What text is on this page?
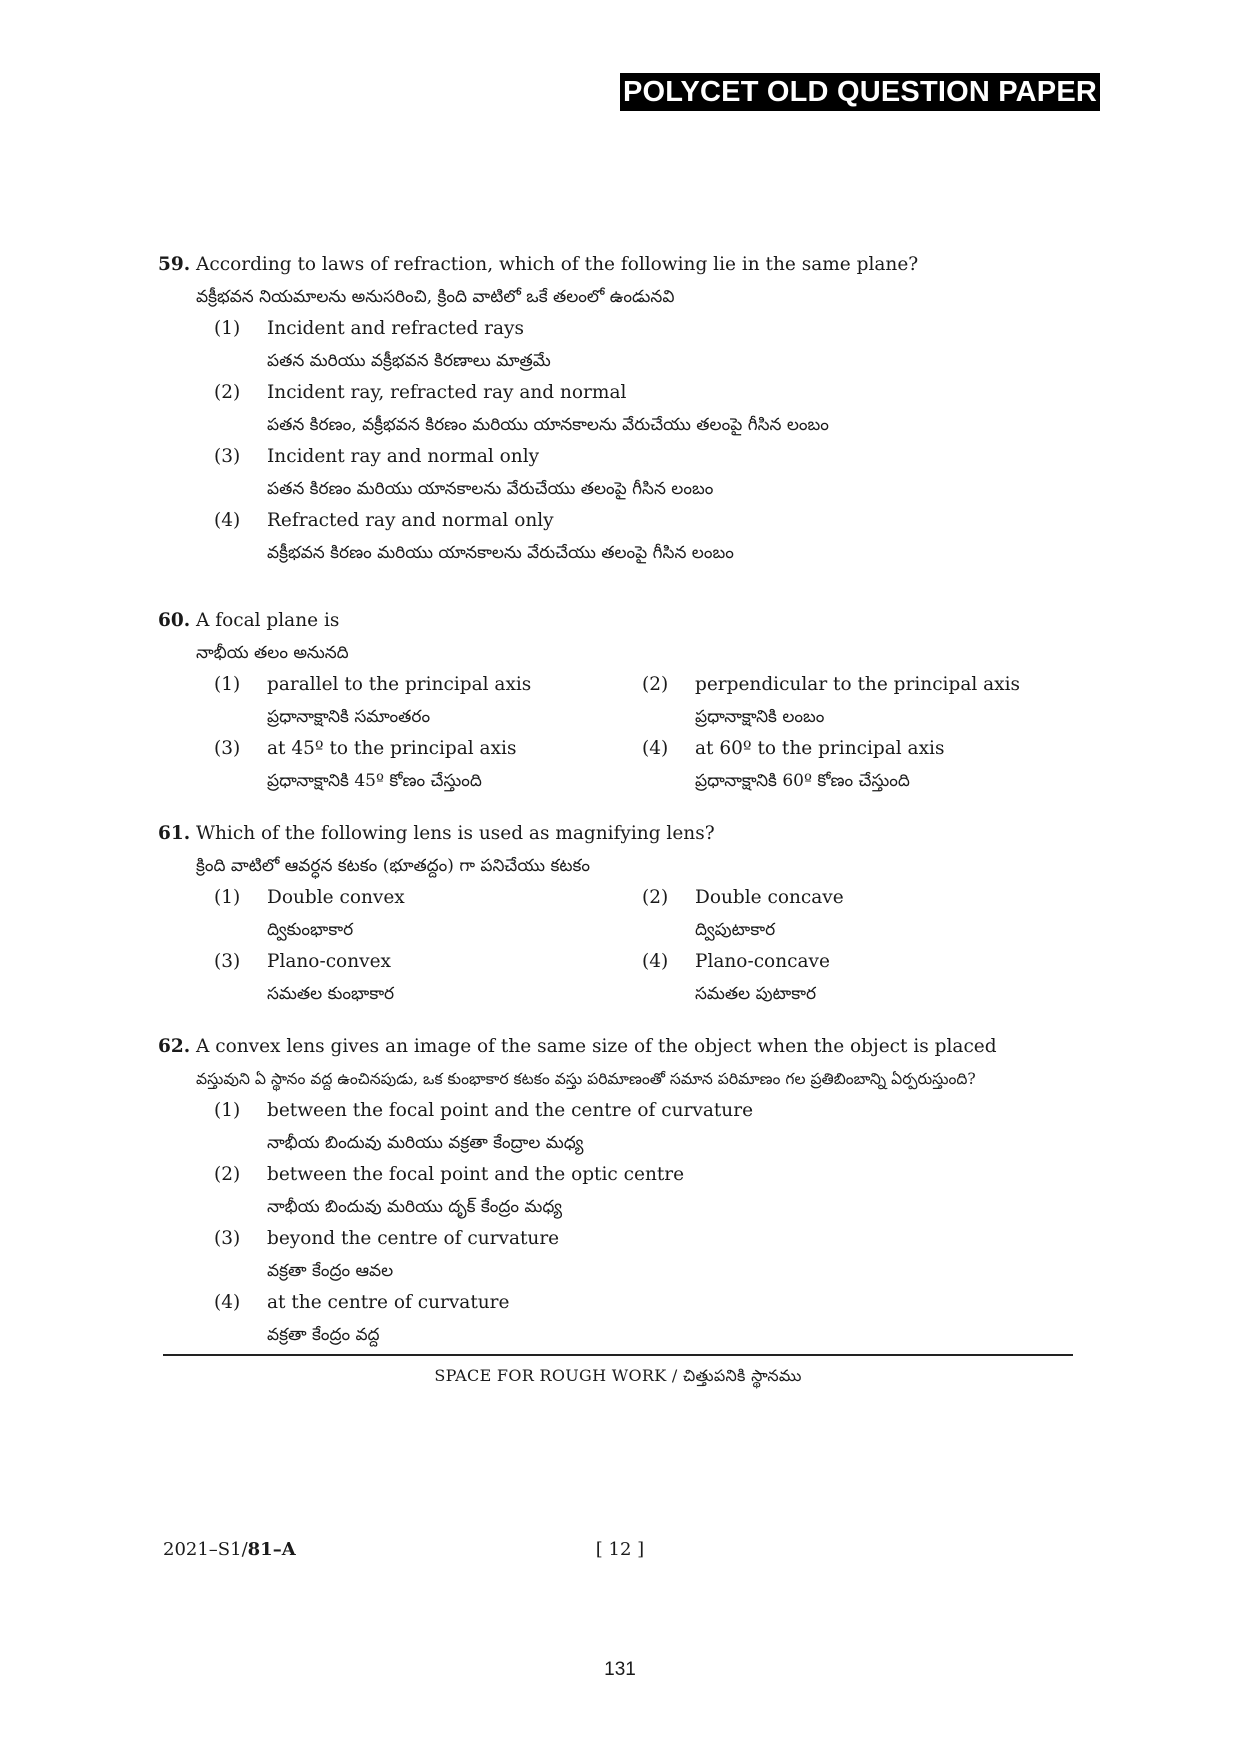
POLYCET OLD QUESTION PAPER
59. According to laws of refraction, which of the following lie in the same plane?
వక్రీభవన నియమాలను అనుసరించి, క్రింది వాటిలో ఒకే తలంలో ఉండునవి
(1)	Incident and refracted rays
పతన మరియు వక్రీభవన కిరణాలు మాత్రమే
(2)	Incident ray, refracted ray and normal
పతన కిరణం, వక్రీభవన కిరణం మరియు యానకాలను వేరుచేయు తలంపై గీసిన లంబం
(3)	Incident ray and normal only
పతన కిరణం మరియు యానకాలను వేరుచేయు తలంపై గీసిన లంబం
(4)	Refracted ray and normal only
వక్రీభవన కిరణం మరియు యానకాలను వేరుచేయు తలంపై గీసిన లంబం
60. A focal plane is
నాభీయ తలం అనునది
(1)	parallel to the principal axis
ప్రధానాక్షానికి సమాంతరం
(2)	perpendicular to the principal axis
ప్రధానాక్షానికి లంబం
(3)	at 45º to the principal axis
ప్రధానాక్షానికి 45º కోణం చేస్తుంది
(4)	at 60º to the principal axis
ప్రధానాక్షానికి 60º కోణం చేస్తుంది
61. Which of the following lens is used as magnifying lens?
క్రింది వాటిలో ఆవర్ధన కటకం (భూతద్దం) గా పనిచేయు కటకం
(1)	Double convex
ద్వికుంభాకార
(2)	Double concave
ద్విపుటాకార
(3)	Plano-convex
సమతల కుంభాకార
(4)	Plano-concave
సమతల పుటాకార
62. A convex lens gives an image of the same size of the object when the object is placed
వస్తువుని ఏ స్థానం వద్ద ఉంచినపుడు, ఒక కుంభాకార కటకం వస్తు పరిమాణంతో సమాన పరిమాణం గల ప్రతిబింబాన్ని ఏర్పరుస్తుంది?
(1)	between the focal point and the centre of curvature
నాభీయ బిందువు మరియు వక్రతా కేంద్రాల మధ్య
(2)	between the focal point and the optic centre
నాభీయ బిందువు మరియు దృక్ కేంద్రం మధ్య
(3)	beyond the centre of curvature
వక్రతా కేంద్రం ఆవల
(4)	at the centre of curvature
వక్రతా కేంద్రం వద్ద
SPACE FOR ROUGH WORK / చిత్తుపనికి స్థానము
2021–S1/81–A	[ 12 ]
131
